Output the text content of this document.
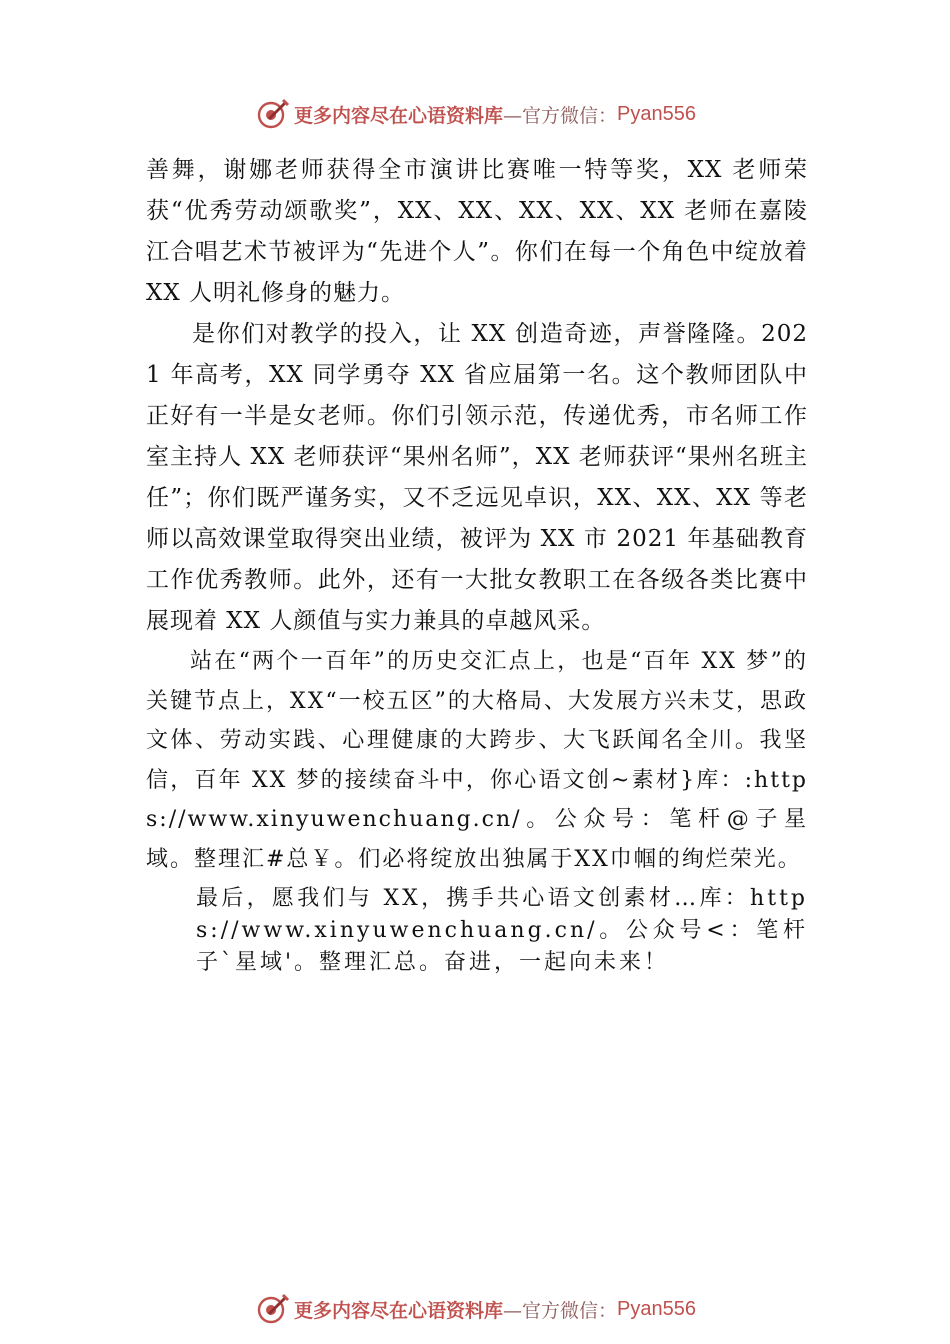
更多内容尽在心语资料库 —官方微信： Pyan556

善舞，谢娜老师获得全市演讲比赛唯一特等奖，XX 老师荣获“优秀劳动颂歌奖”，XX、XX、XX、XX、XX 老师在嘉陵江合唱艺术节被评为“先进个人”。你们在每一个角色中绽放着 XX 人明礼修身的魅力。

是你们对教学的投入，让 XX 创造奇迹，声誉隆隆。2021 年高考，XX 同学勇夺 XX 省应届第一名。这个教师团队中正好有一半是女老师。你们引领示范，传递优秀，市名师工作室主持人 XX 老师获评“果州名师”，XX 老师获评“果州名班主任”；你们既严谨务实，又不乏远见卓识，XX、XX、XX 等老师以高效课堂取得突出业绩，被评为 XX 市 2021 年基础教育工作优秀教师。此外，还有一大批女教职工在各级各类比赛中展现着 XX 人颜值与实力兼具的卓越风采。

站在“两个一百年”的历史交汇点上，也是“百年 XX 梦”的关键节点上，XX“一校五区”的大格局、大发展方兴未艾，思政文体、劳动实践、心理健康的大跨步、大飞跃闻名全川。我坚信，百年 XX 梦的接续奋斗中，你心语文创~素材}库：:https://www.xinyuwenchuang.cn/。公众号：笔杆@子星域。整理汇#总￥。们必将绽放出独属于XX巾帼的绚烂荣光。

最后，愿我们与 XX，携手共心语文创素材…库：https://www.xinyuwenchuang.cn/。公众号<：笔杆子`星域'。整理汇总。奋进，一起向未来！

更多内容尽在心语资料库 —官方微信： Pyan556
